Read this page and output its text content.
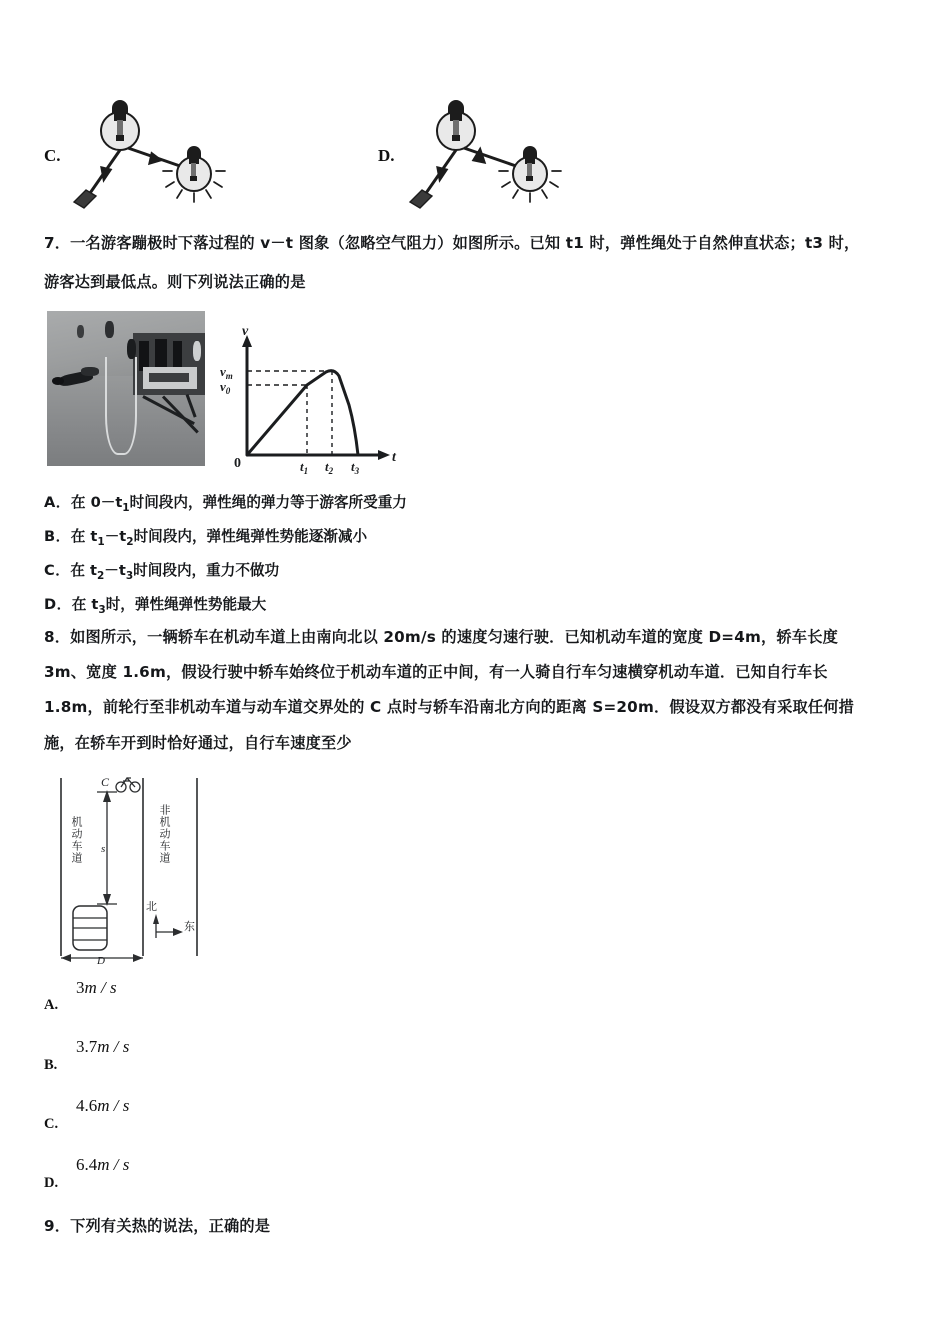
C.	D.
7．一名游客蹦极时下落过程的 v－t 图象（忽略空气阻力）如图所示。已知 t1 时，弹性绳处于自然伸直状态；t3 时，
游客达到最低点。则下列说法正确的是
v
t
0
$v_m$
$v_0$
$t_1$ $t_2$ $t_3$
A．在 $0-t_1$时间段内，弹性绳的弹力等于游客所受重力
B．在 $t_1-t_2$时间段内，弹性绳弹性势能逐渐减小
C．在 $t_2-t_3$时间段内，重力不做功
D．在 $t_3$时，弹性绳弹性势能最大
8．如图所示，一辆轿车在机动车道上由南向北以 20m/s 的速度匀速行驶．已知机动车道的宽度 D=4m，轿车长度
3m、宽度 1.6m，假设行驶中轿车始终位于机动车道的正中间，有一人骑自行车匀速横穿机动车道．已知自行车长
1.8m，前轮行至非机动车道与动车道交界处的 C 点时与轿车沿南北方向的距离 S=20m．假设双方都没有采取任何措
施，在轿车开到时恰好通过，自行车速度至少
C
s
D
机动车道	非机动车道
北
东
A.
3m / s
B.
3.7m / s
C.
4.6m / s
D.
6.4m / s
9．下列有关热的说法，正确的是
